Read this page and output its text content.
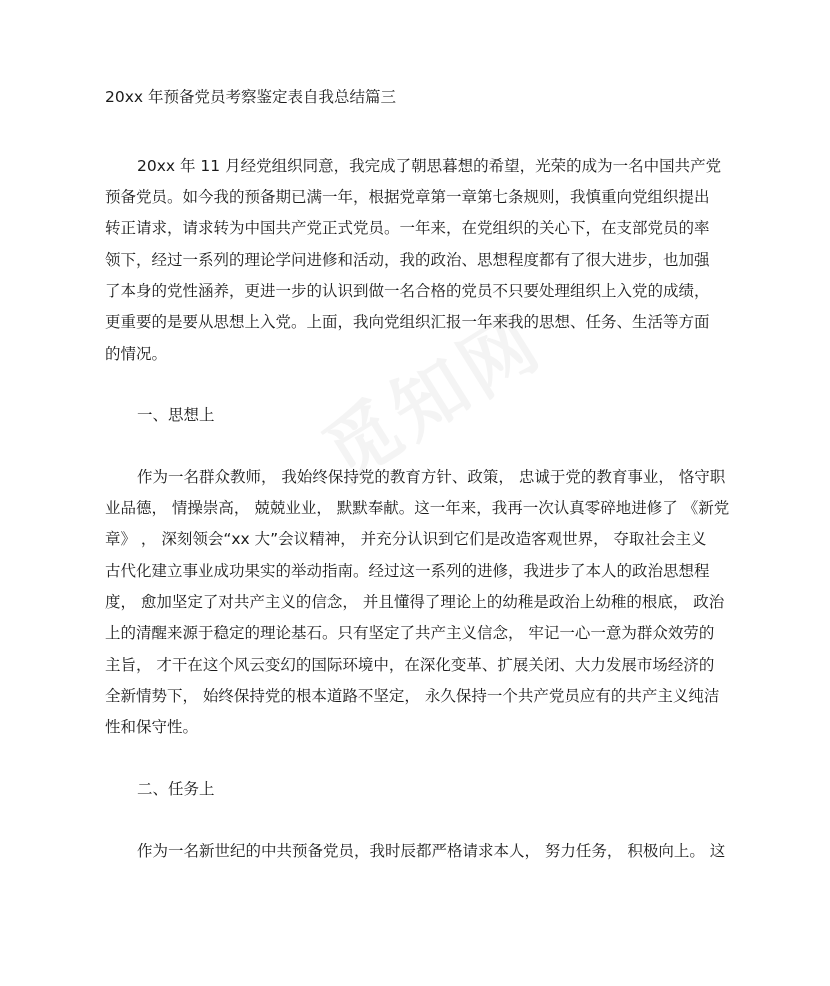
20xx 年预备党员考察鉴定表自我总结篇三
20xx 年 11 月经党组织同意，我完成了朝思暮想的希望，光荣的成为一名中国共产党
预备党员。如今我的预备期已满一年，根据党章第一章第七条规则，我慎重向党组织提出
转正请求，请求转为中国共产党正式党员。一年来，在党组织的关心下，在支部党员的率
领下，经过一系列的理论学问进修和活动，我的政治、思想程度都有了很大进步，也加强
了本身的党性涵养，更进一步的认识到做一名合格的党员不只要处理组织上入党的成绩，
更重要的是要从思想上入党。上面，我向党组织汇报一年来我的思想、任务、生活等方面
的情况。
一、思想上
作为一名群众教师， 我始终保持党的教育方针、政策， 忠诚于党的教育事业， 恪守职
业品德， 情操崇高， 兢兢业业， 默默奉献。这一年来，我再一次认真零碎地进修了 《新党
章》 ， 深刻领会“xx 大”会议精神， 并充分认识到它们是改造客观世界， 夺取社会主义
古代化建立事业成功果实的举动指南。经过这一系列的进修，我进步了本人的政治思想程
度， 愈加坚定了对共产主义的信念， 并且懂得了理论上的幼稚是政治上幼稚的根底， 政治
上的清醒来源于稳定的理论基石。只有坚定了共产主义信念， 牢记一心一意为群众效劳的
主旨， 才干在这个风云变幻的国际环境中，在深化变革、扩展关闭、大力发展市场经济的
全新情势下， 始终保持党的根本道路不坚定， 永久保持一个共产党员应有的共产主义纯洁
性和保守性。
二、任务上
作为一名新世纪的中共预备党员，我时辰都严格请求本人， 努力任务， 积极向上。 这
